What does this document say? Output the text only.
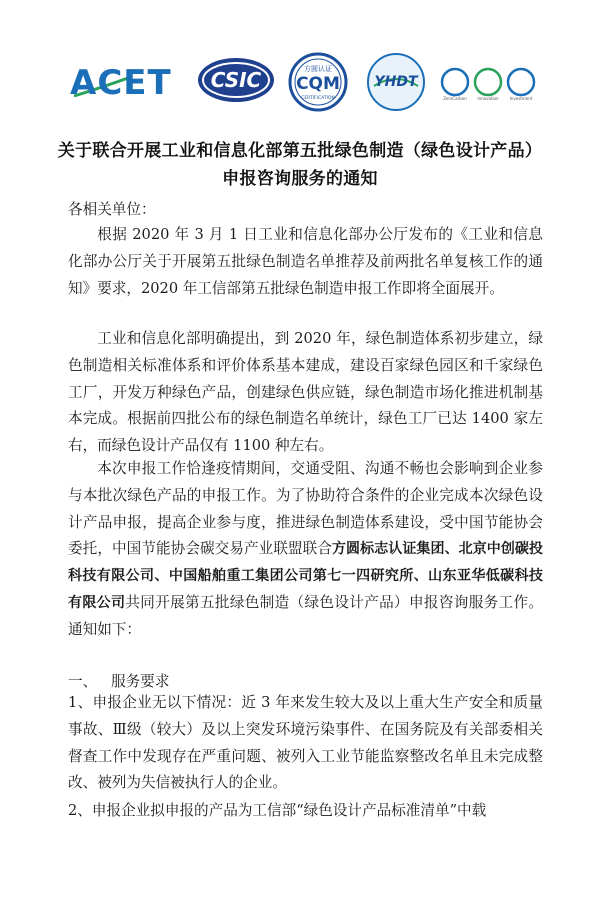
ACET CSIC	方圆认证
CQM
CERTIFICATION
YHDT
ZeroCarbon	Innovation	Investment
关于联合开展工业和信息化部第五批绿色制造（绿色设计产品）
申报咨询服务的通知
各相关单位：

根据 2020 年 3 月 1 日工业和信息化部办公厅发布的《工业和信息化部办公厅关于开展第五批绿色制造名单推荐及前两批名单复核工作的通知》要求，2020 年工信部第五批绿色制造申报工作即将全面展开。

工业和信息化部明确提出，到 2020 年，绿色制造体系初步建立，绿色制造相关标准体系和评价体系基本建成，建设百家绿色园区和千家绿色工厂，开发万种绿色产品，创建绿色供应链，绿色制造市场化推进机制基本完成。根据前四批公布的绿色制造名单统计，绿色工厂已达 1400 家左右，而绿色设计产品仅有 1100 种左右。

本次申报工作恰逢疫情期间，交通受阻、沟通不畅也会影响到企业参与本批次绿色产品的申报工作。为了协助符合条件的企业完成本次绿色设计产品申报，提高企业参与度，推进绿色制造体系建设，受中国节能协会委托，中国节能协会碳交易产业联盟联合方圆标志认证集团、北京中创碳投科技有限公司、中国船舶重工集团公司第七一四研究所、山东亚华低碳科技有限公司共同开展第五批绿色制造（绿色设计产品）申报咨询服务工作。通知如下：

一、   服务要求

1、申报企业无以下情况：近 3 年来发生较大及以上重大生产安全和质量事故、Ⅲ级（较大）及以上突发环境污染事件、在国务院及有关部委相关督查工作中发现存在严重问题、被列入工业节能监察整改名单且未完成整改、被列为失信被执行人的企业。

2、申报企业拟申报的产品为工信部“绿色设计产品标准清单”中载
